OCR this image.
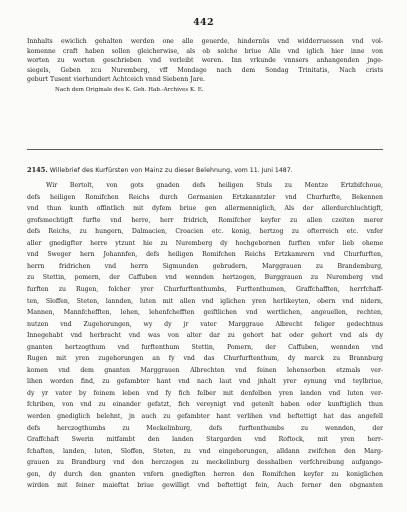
442
Innhalts ewiclich gehalten werden one alle geuerde, hindernüs vnd widderruessen vnd vol-
komenne craft haben sollen gleicherwise, als ob solche briue Alle vnd iglich hier inne von
worten zu worten geschrieben vnd verleibt weren. Inn vrkunde vnnsers anhangenden jnge-
siegels, Geben zcu Nuremberg, vff Mondage nach dem Sondag Trinitatis, Nach crists
geburt Tusent vierhundert Achtceich vnnd Siebenn Jare.
Nach dem Originale des K. Geh. Hab.-Archives K. E.
2145. Willebrief des Kurfürsten von Mainz zu dieser Belehnung, vom 11. Juni 1487.
Wir Bertolt, von gots gnaden defs heiligen Stuls zu Mentze Ertzbifchoue,
defs heiligen Romifchen Reichs durch Germanien Ertzkanntzler vnd Churfurfte, Bekennen
vnd thun kunth offintlich mit dyfem briue gen allermenniglich, Als der allerdurchluchtigft,
grofsmechtigft furfte vnd herre, herr fridrich, Romifcher keyfer zu allen czeiten merer
defs Reichs, zu hungern, Dalmacien, Croacien etc. konig, hertzog zu ofterreich etc. vnfer
aller gnedigfter herre ytzunt hie zu Nuremberg dy hochgebornen furften vnfer lieb oheme
vnd Sweger hern Johannfen, defs heiligen Romifchen Reichs Ertzkamrern vnd Churfurften,
herrn fridrichen vnd herrn Sigmunden gebrudern, Marggrauen zu Brandemburg,
zu Stettin, pomern, der Caffuben vnd wennden hertzogen, Burggrauen zu Nuremberg vnd
furften zu Rugen, folcher yrer Churfurftenthumbs, Furftenthumen, Graffchafften, herrfchaff-
ten, Sloffen, Steten, lannden, luten mit allen vnd iglichen yren herlikeyten, obern vnd nidern,
Mannen, Mannfchefften, lehen, lehenfchefften geiftlichen vnd wertlichen, angeuellen, rechten,
nutzen vnd Zugehorungen, wy dy jr vater Marggraue Albrecht feliger gedechtnus
Innegehabt vnd herbracht vnd was von alter dar zu gehort hat oder gehort vnd als dy
gnanten hertzogthum vnd furftenthum Stettin, Pomern, der Caffuben, wennden vnd
Rugen mit yren zugehorungen an fy vnd das Churfurftenthum, dy marck zu Brannburg
komen vnd dem gnanten Marggrauen Albrechten vnd feinen lehensorben etzmals ver-
lihen worden find, zu gefambter hant vnd nach laut vnd jnhalt yrer eynung vnd teylbriue,
dy yr vater by feinem leben vnd fy fich felber mit denfelben yren landen vnd luten ver-
fchriben, von vnd zu einander gefatzt, fich vereynigt vnd getenlt haben oder kunftiglich thun
werden gnediglich belehnt, jn auch zu gefambter hant verlihen vnd beftettigt hat das angefell
defs herczogthumbs zu Meckelinburg, defs furftenthumbs zu wennden, der
Graffchaft Swerin mitfambt den landen Stargarden vnd Roftock, mit yren herr-
fchaften, landen, luten, Sloffen, Steten, zu vnd eingehorungen, alldann zwifchen den Marg-
grauen zu Brandburg vnd den herczogen zu meckelinburg desshalben verfchreibung aufgango-
gen, dy durch den gnanten vnfern gnedigften herren den Romifchen keyfer zu koniglichen
wirden mit feiner maieftat briue gewilligt vnd beftettigt fein, Auch ferner den obgnanten
